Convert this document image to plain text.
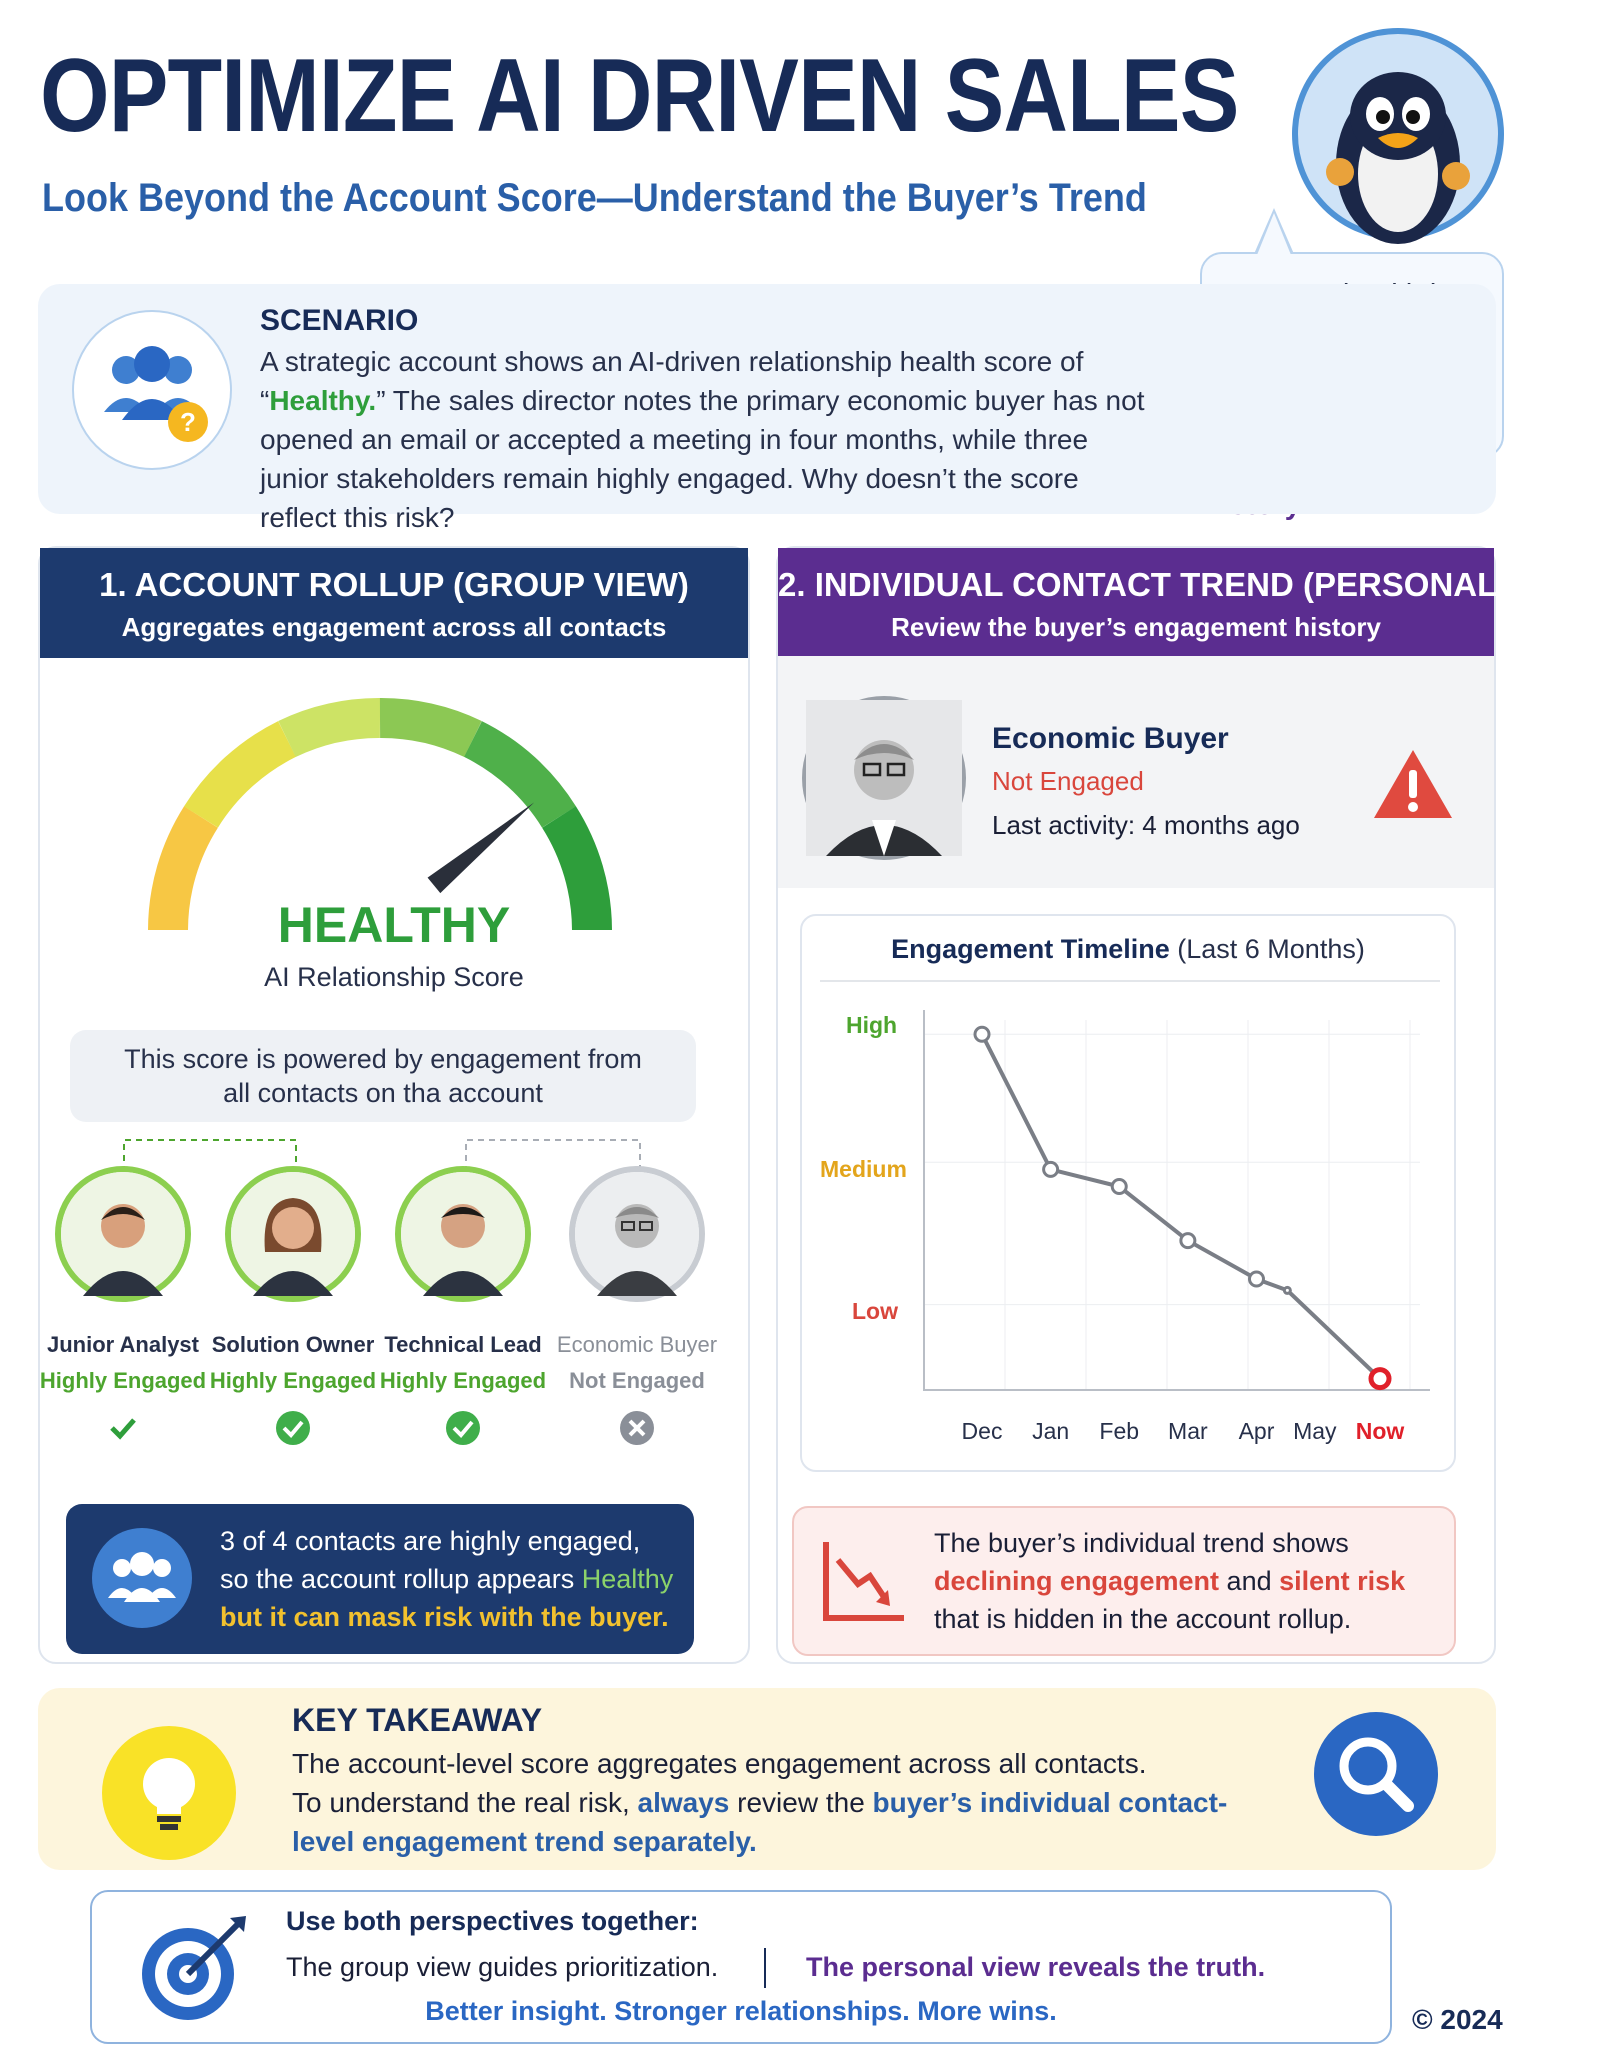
OPTIMIZE AI DRIVEN SALES
Look Beyond the Account Score—Understand the Buyer’s Trend
?
SCENARIO
A strategic account shows an AI-driven relationship health score of “Healthy.” The sales director notes the primary economic buyer has not opened an email or accepted a meeting in four months, while three junior stakeholders remain highly engaged. Why doesn’t the score reflect this risk?
1. ACCOUNT ROLLUP (GROUP VIEW)
Aggregates engagement across all contacts
HEALTHY
AI Relationship Score
This score is powered by engagement from
all contacts on tha account
Junior Analyst
Highly Engaged
Solution Owner
Highly Engaged
Technical Lead
Highly Engaged
Economic Buyer
Not Engaged
3 of 4 contacts are highly engaged,
so the account rollup appears Healthy
but it can mask risk with the buyer.
2. INDIVIDUAL CONTACT TREND (PERSONAL VIEW)
Review the buyer’s engagement history
Economic Buyer
Not Engaged
Last activity: 4 months ago
Engagement Timeline (Last 6 Months)
High
Medium
Low
Dec	Jan	Feb	Mar	Apr May Now
The buyer’s individual trend shows
declining engagement and silent risk
that is hidden in the account rollup.
KEY TAKEAWAY
The account-level score aggregates engagement across all contacts.
To understand the real risk, always review the buyer’s individual contact-level engagement trend separately.
Use both perspectives together:
The group view guides prioritization.	The personal view reveals the truth.
Better insight. Stronger relationships. More wins.	© 2024
